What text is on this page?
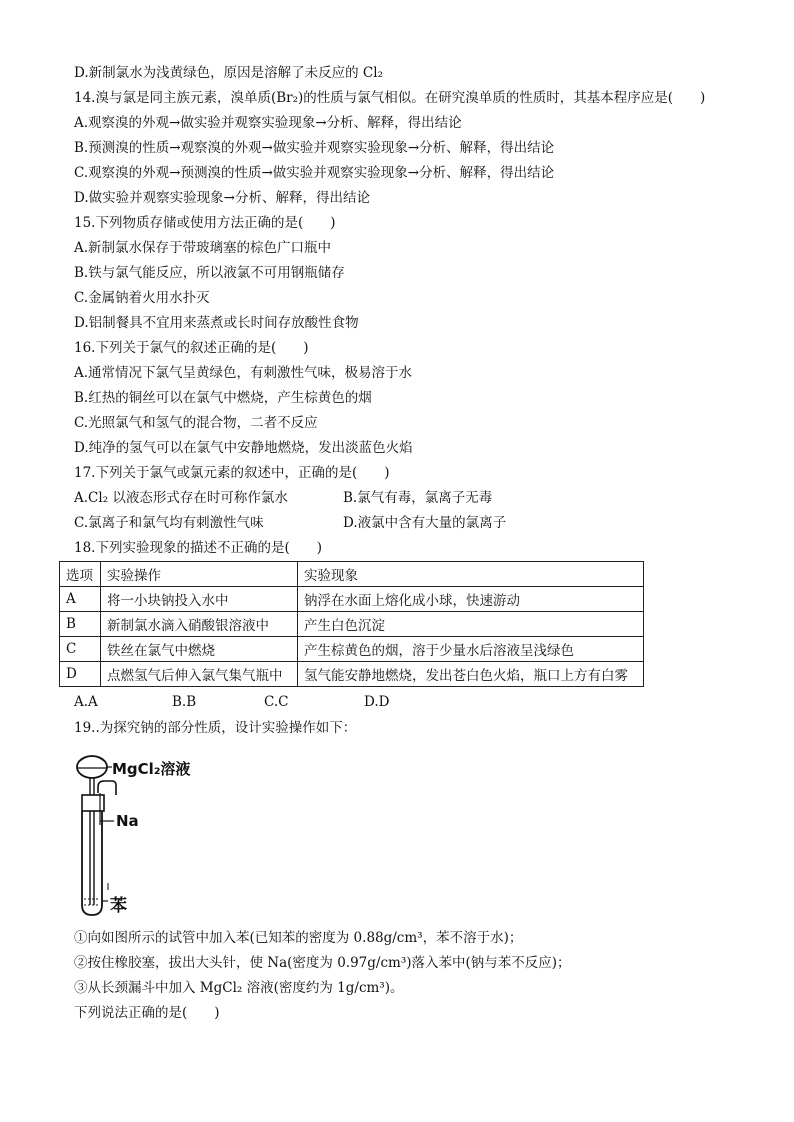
D.新制氯水为浅黄绿色，原因是溶解了未反应的 Cl₂
14.溴与氯是同主族元素，溴单质(Br₂)的性质与氯气相似。在研究溴单质的性质时，其基本程序应是(　　)
A.观察溴的外观→做实验并观察实验现象→分析、解释，得出结论
B.预测溴的性质→观察溴的外观→做实验并观察实验现象→分析、解释，得出结论
C.观察溴的外观→预测溴的性质→做实验并观察实验现象→分析、解释，得出结论
D.做实验并观察实验现象→分析、解释，得出结论
15.下列物质存储或使用方法正确的是(　　)
A.新制氯水保存于带玻璃塞的棕色广口瓶中
B.铁与氯气能反应，所以液氯不可用钢瓶储存
C.金属钠着火用水扑灭
D.铝制餐具不宜用来蒸煮或长时间存放酸性食物
16.下列关于氯气的叙述正确的是(　　)
A.通常情况下氯气呈黄绿色，有刺激性气味，极易溶于水
B.红热的铜丝可以在氯气中燃烧，产生棕黄色的烟
C.光照氯气和氢气的混合物，二者不反应
D.纯净的氢气可以在氯气中安静地燃烧，发出淡蓝色火焰
17.下列关于氯气或氯元素的叙述中，正确的是(　　)
A.Cl₂ 以液态形式存在时可称作氯水	B.氯气有毒，氯离子无毒
C.氯离子和氯气均有刺激性气味	D.液氯中含有大量的氯离子
18.下列实验现象的描述不正确的是(　　)
选项	实验操作	实验现象
A	将一小块钠投入水中	钠浮在水面上熔化成小球，快速游动
B	新制氯水滴入硝酸银溶液中	产生白色沉淀
C	铁丝在氯气中燃烧	产生棕黄色的烟，溶于少量水后溶液呈浅绿色
D	点燃氢气后伸入氯气集气瓶中	氢气能安静地燃烧，发出苍白色火焰，瓶口上方有白雾
A.A	B.B	C.C	D.D
19..为探究钠的部分性质，设计实验操作如下：
MgCl₂溶液
Na
苯
①向如图所示的试管中加入苯(已知苯的密度为 0.88g/cm³，苯不溶于水)；
②按住橡胶塞，拔出大头针，使 Na(密度为 0.97g/cm³)落入苯中(钠与苯不反应)；
③从长颈漏斗中加入 MgCl₂ 溶液(密度约为 1g/cm³)。
下列说法正确的是(　　)
